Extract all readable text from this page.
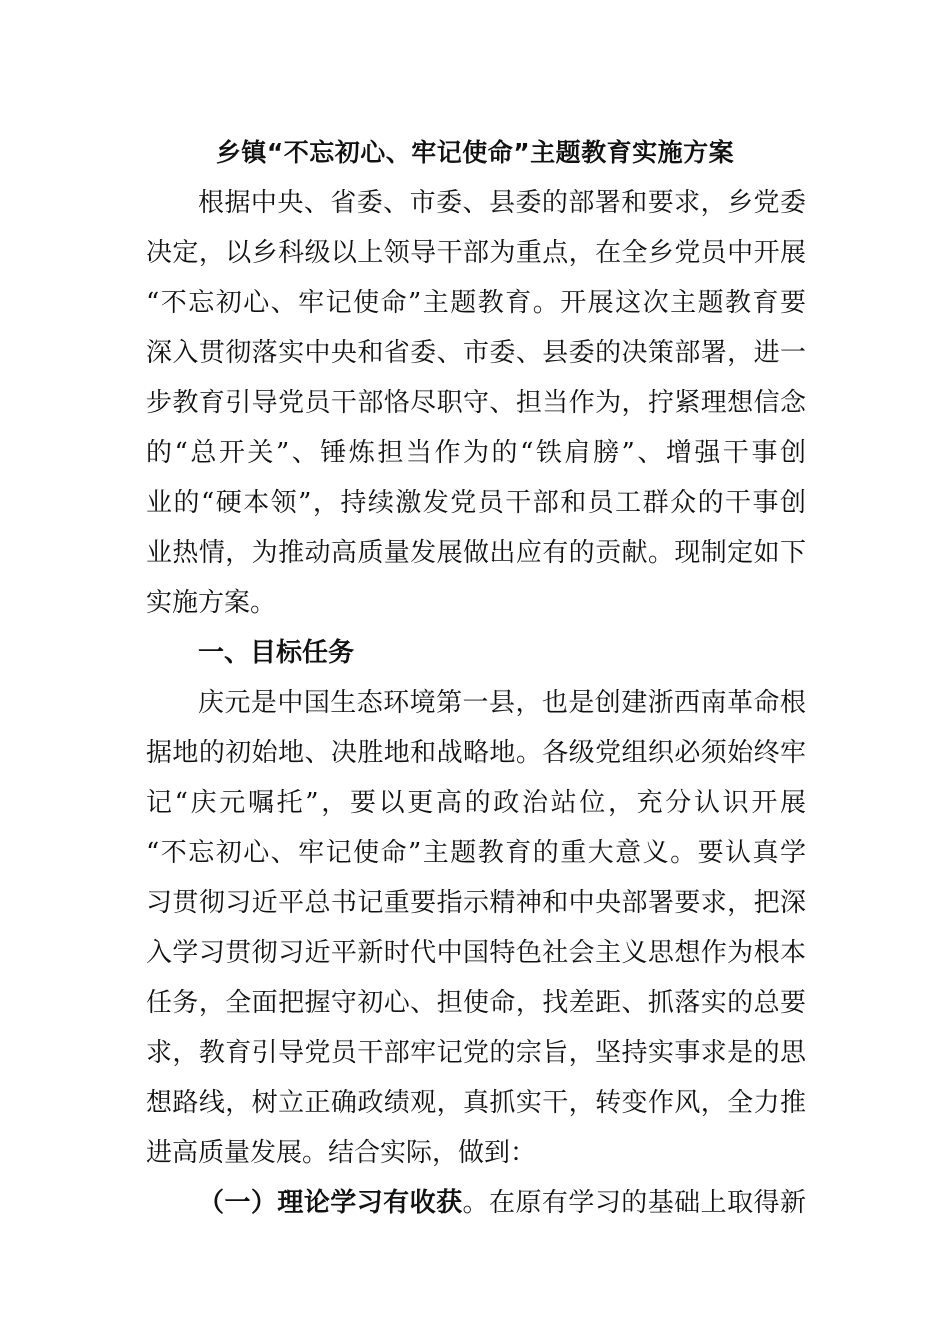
乡镇“不忘初心、牢记使命”主题教育实施方案
根据中央、省委、市委、县委的部署和要求，乡党委
决定，以乡科级以上领导干部为重点，在全乡党员中开展
“不忘初心、牢记使命”主题教育。开展这次主题教育要
深入贯彻落实中央和省委、市委、县委的决策部署，进一
步教育引导党员干部恪尽职守、担当作为，拧紧理想信念
的“总开关”、锤炼担当作为的“铁肩膀”、增强干事创
业的“硬本领”，持续激发党员干部和员工群众的干事创
业热情，为推动高质量发展做出应有的贡献。现制定如下
实施方案。
一、目标任务
庆元是中国生态环境第一县，也是创建浙西南革命根
据地的初始地、决胜地和战略地。各级党组织必须始终牢
记“庆元嘱托”，要以更高的政治站位，充分认识开展
“不忘初心、牢记使命”主题教育的重大意义。要认真学
习贯彻习近平总书记重要指示精神和中央部署要求，把深
入学习贯彻习近平新时代中国特色社会主义思想作为根本
任务，全面把握守初心、担使命，找差距、抓落实的总要
求，教育引导党员干部牢记党的宗旨，坚持实事求是的思
想路线，树立正确政绩观，真抓实干，转变作风，全力推
进高质量发展。结合实际，做到：
（一）理论学习有收获。在原有学习的基础上取得新
